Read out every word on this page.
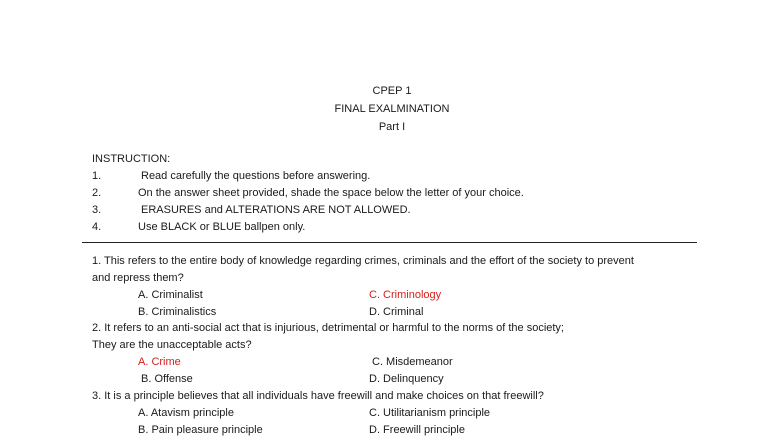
CPEP 1
FINAL EXALMINATION
Part I
INSTRUCTION:
1.	Read carefully the questions before answering.
2.	On the answer sheet provided, shade the space below the letter of your choice.
3.	ERASURES and ALTERATIONS ARE NOT ALLOWED.
4.	Use BLACK or BLUE ballpen only.
1. This refers to the entire body of knowledge regarding crimes, criminals and the effort of the society to prevent
and repress them?
A. Criminalist	C. Criminology
B. Criminalistics	D. Criminal
2. It refers to an anti-social act that is injurious, detrimental or harmful to the norms of the society;
They are the unacceptable acts?
A. Crime	C. Misdemeanor
B. Offense	D. Delinquency
3. It is a principle believes that all individuals have freewill and make choices on that freewill?
A. Atavism principle	C. Utilitarianism principle
B. Pain pleasure principle	D. Freewill principle
